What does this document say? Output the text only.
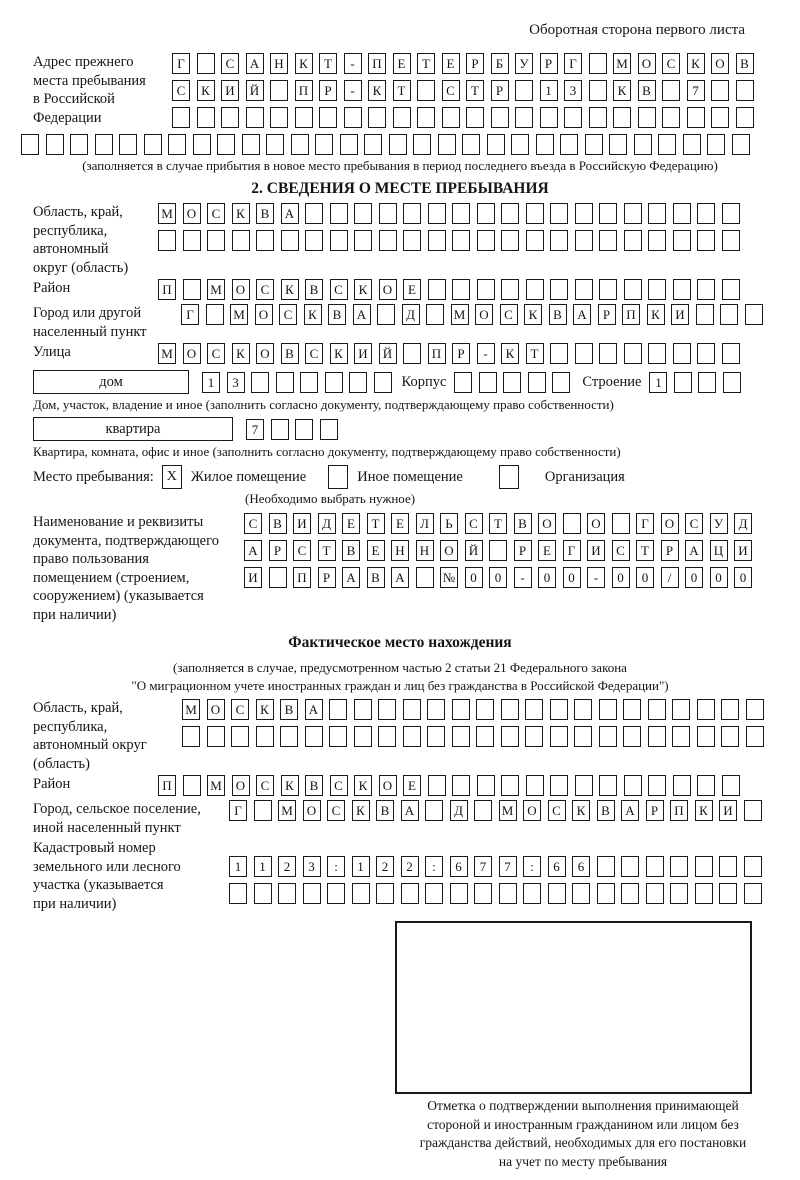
Оборотная сторона первого листа
Адрес прежнего
места пребывания
в Российской
Федерации
Г	С	А	Н	К	Т	-	П	Е	Т	Е	Р	Б	У	Р	Г	М	О	С	К	О	В
С	К	И	Й	П	Р	-	К	Т	С	Т	Р	1	3	К	В	7
(заполняется в случае прибытия в новое место пребывания в период последнего въезда в Российскую Федерацию)
2. СВЕДЕНИЯ О МЕСТЕ ПРЕБЫВАНИЯ
Область, край,
республика,
автономный
округ (область)
М	О	С	К	В	А
Район	П	М	О	С	К	В	С	К	О	Е
Город или другой
населенный пункт
Г	М	О	С	К	В	А	Д	М	О	С	К	В	А	Р	П	К	И
Улица	М	О	С	К	О	В	С	К	И	Й	П	Р	-	К	Т
дом	1	3	Корпус	Строение	1
Дом, участок, владение и иное (заполнить согласно документу, подтверждающему право собственности)
квартира	7
Квартира, комната, офис и иное (заполнить согласно документу, подтверждающему право собственности)
Место пребывания: X Жилое помещение	Иное помещение	Организация
(Необходимо выбрать нужное)
Наименование и реквизиты
документа, подтверждающего
право пользования
помещением (строением,
сооружением) (указывается
при наличии)
С	В	И	Д	Е	Т	Е	Л	Ь	С	Т	В	О	О	Г	О	С	У	Д
А	Р	С	Т	В	Е	Н	Н	О	Й	Р	Е	Г	И	С	Т	Р	А	Ц	И
И	П	Р	А	В	А	№	0	0	-	0	0	-	0	0	/	0	0	0
Фактическое место нахождения
(заполняется в случае, предусмотренном частью 2 статьи 21 Федерального закона
"О миграционном учете иностранных граждан и лиц без гражданства в Российской Федерации")
Область, край,
республика,
автономный округ
(область)
М	О	С	К	В	А
Район	П	М	О	С	К	В	С	К	О	Е
Город, сельское поселение,
иной населенный пункт
Г	М	О	С	К	В	А	Д	М	О	С	К	В	А	Р	П	К	И
Кадастровый номер
земельного или лесного
участка (указывается
при наличии)
1	1	2	3	:	1	2	2	:	6	7	7	:	6	6
Отметка о подтверждении выполнения принимающей
стороной и иностранным гражданином или лицом без
гражданства действий, необходимых для его постановки
на учет по месту пребывания
